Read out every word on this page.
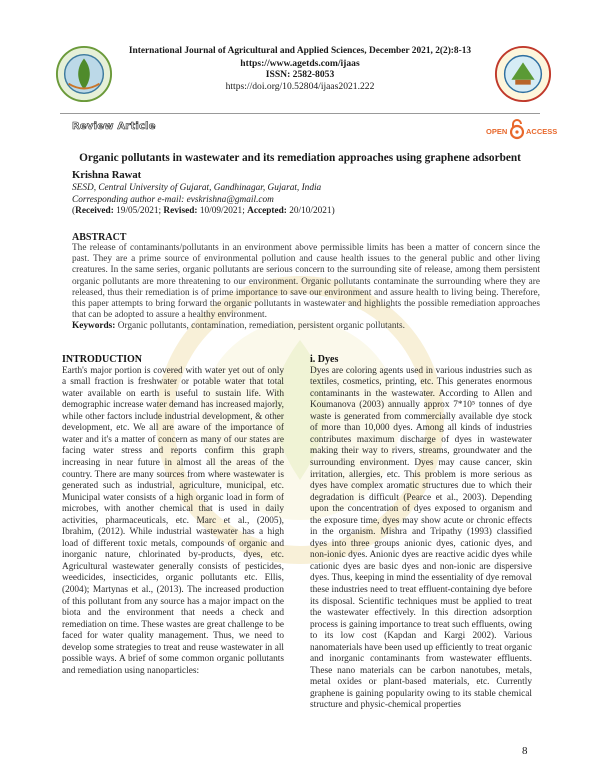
International Journal of Agricultural and Applied Sciences, December 2021, 2(2):8-13
https://www.agetds.com/ijaas
ISSN: 2582-8053
https://doi.org/10.52804/ijaas2021.222
Review Article	OPEN ACCESS
Organic pollutants in wastewater and its remediation approaches using graphene adsorbent
Krishna Rawat
SESD, Central University of Gujarat, Gandhinagar, Gujarat, India
Corresponding author e-mail: evskrishna@gmail.com
(Received: 19/05/2021; Revised: 10/09/2021; Accepted: 20/10/2021)
ABSTRACT
The release of contaminants/pollutants in an environment above permissible limits has been a matter of concern since the past. They are a prime source of environmental pollution and cause health issues to the general public and other living creatures. In the same series, organic pollutants are serious concern to the surrounding site of release, among them persistent organic pollutants are more threatening to our environment. Organic pollutants contaminate the surrounding where they are released, thus their remediation is of prime importance to save our environment and assure health to living being. Therefore, this paper attempts to bring forward the organic pollutants in wastewater and highlights the possible remediation approaches that can be adopted to assure a healthy environment.
Keywords: Organic pollutants, contamination, remediation, persistent organic pollutants.
INTRODUCTION

Earth's major portion is covered with water yet out of only a small fraction is freshwater or potable water that total water available on earth is useful to sustain life. With demographic increase water demand has increased majorly, while other factors include industrial development, & other development, etc. We all are aware of the importance of water and it's a matter of concern as many of our states are facing water stress and reports confirm this graph increasing in near future in almost all the areas of the country. There are many sources from where wastewater is generated such as industrial, agriculture, municipal, etc. Municipal water consists of a high organic load in form of microbes, with another chemical that is used in daily activities, pharmaceuticals, etc. Marc et al., (2005), Ibrahim, (2012). While industrial wastewater has a high load of different toxic metals, compounds of organic and inorganic nature, chlorinated by-products, dyes, etc. Agricultural wastewater generally consists of pesticides, weedicides, insecticides, organic pollutants etc. Ellis, (2004); Martynas et al., (2013). The increased production of this pollutant from any source has a major impact on the biota and the environment that needs a check and remediation on time. These wastes are great challenge to be faced for water quality management. Thus, we need to develop some strategies to treat and reuse wastewater in all possible ways. A brief of some common organic pollutants and remediation using nanoparticles:

i. Dyes

Dyes are coloring agents used in various industries such as textiles, cosmetics, printing, etc. This generates enormous contaminants in the wastewater. According to Allen and Koumanova (2003) annually approx 7*10⁵ tonnes of dye waste is generated from commercially available dye stock of more than 10,000 dyes. Among all kinds of industries contributes maximum discharge of dyes in wastewater making their way to rivers, streams, groundwater and the surrounding environment. Dyes may cause cancer, skin irritation, allergies, etc. This problem is more serious as dyes have complex aromatic structures due to which their degradation is difficult (Pearce et al., 2003). Depending upon the concentration of dyes exposed to organism and the exposure time, dyes may show acute or chronic effects in the organism. Mishra and Tripathy (1993) classified dyes into three groups anionic dyes, cationic dyes, and non-ionic dyes. Anionic dyes are reactive acidic dyes while cationic dyes are basic dyes and non-ionic are dispersive dyes. Thus, keeping in mind the essentiality of dye removal these industries need to treat effluent-containing dye before its disposal. Scientific techniques must be applied to treat the wastewater effectively. In this direction adsorption process is gaining importance to treat such effluents, owing to its low cost (Kapdan and Kargi 2002). Various nanomaterials have been used up efficiently to treat organic and inorganic contaminants from wastewater effluents. These nano materials can be carbon nanotubes, metals, metal oxides or plant-based materials, etc. Currently graphene is gaining popularity owing to its stable chemical structure and physic-chemical properties

8
